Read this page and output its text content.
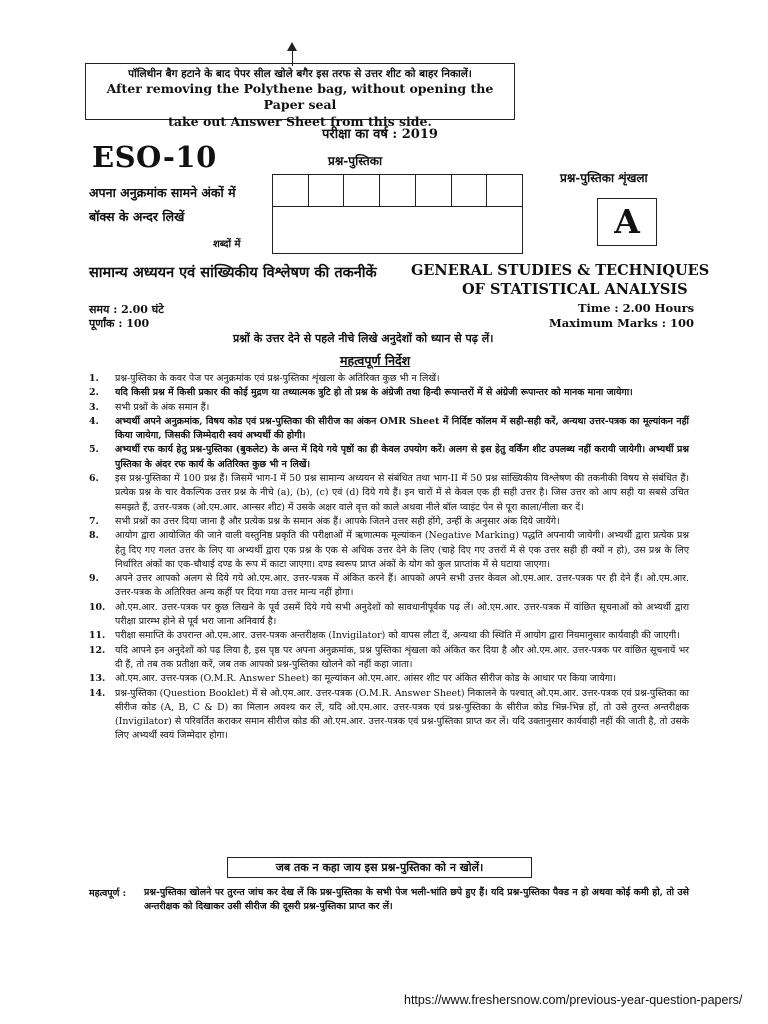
पॉलिथीन बैग हटाने के बाद पेपर सील खोले बगैर इस तरफ से उत्तर शीट को बाहर निकालें।
After removing the Polythene bag, without opening the Paper seal
take out Answer Sheet from this side.
परीक्षा का वर्ष : 2019
ESO-10	प्रश्न-पुस्तिका
प्रश्न-पुस्तिका शृंखला
A
अपना अनुक्रमांक सामने अंकों में
बॉक्स के अन्दर लिखें
शब्दों में
सामान्य अध्ययन एवं सांख्यिकीय विश्लेषण की तकनीकें GENERAL STUDIES & TECHNIQUES
OF STATISTICAL ANALYSIS
समय : 2.00 घंटे
पूर्णांक : 100
Time : 2.00 Hours
Maximum Marks : 100
प्रश्नों के उत्तर देने से पहले नीचे लिखे अनुदेशों को ध्यान से पढ़ लें।
महत्वपूर्ण निर्देश
1.	प्रश्न-पुस्तिका के कवर पेज पर अनुक्रमांक एवं प्रश्न-पुस्तिका शृंखला के अतिरिक्त कुछ भी न लिखें।
2.	यदि किसी प्रश्न में किसी प्रकार की कोई मुद्रण या तथ्यात्मक त्रुटि हो तो प्रश्न के अंग्रेजी तथा हिन्दी रूपान्तरों में से अंग्रेजी रूपान्तर को मानक माना जायेगा।
3.	सभी प्रश्नों के अंक समान हैं।
4.	अभ्यर्थी अपने अनुक्रमांक, विषय कोड एवं प्रश्न-पुस्तिका की सीरीज का अंकन OMR Sheet में निर्दिष्ट कॉलम में सही-सही करें, अन्यथा उत्तर-पत्रक का मूल्यांकन नहीं किया जायेगा, जिसकी जिम्मेदारी स्वयं अभ्यर्थी की होगी।
5.	अभ्यर्थी रफ कार्य हेतु प्रश्न-पुस्तिका (बुकलेट) के अन्त में दिये गये पृष्ठों का ही केवल उपयोग करें। अलग से इस हेतु वर्किंग शीट उपलब्ध नहीं करायी जायेगी। अभ्यर्थी प्रश्न पुस्तिका के अंदर रफ कार्य के अतिरिक्त कुछ भी न लिखें।
6.	इस प्रश्न-पुस्तिका में 100 प्रश्न हैं। जिसमें भाग-I में 50 प्रश्न सामान्य अध्ययन से संबंधित तथा भाग-II में 50 प्रश्न सांख्यिकीय विश्लेषण की तकनीकी विषय से संबंधित हैं। प्रत्येक प्रश्न के चार वैकल्पिक उत्तर प्रश्न के नीचे (a), (b), (c) एवं (d) दिये गये हैं। इन चारों में से केवल एक ही सही उत्तर है। जिस उत्तर को आप सही या सबसे उचित समझते हैं, उत्तर-पत्रक (ओ.एम.आर. आन्सर शीट) में उसके अक्षर वाले वृत्त को काले अथवा नीले बॉल प्वाइंट पेन से पूरा काला/नीला कर दें।
7.	सभी प्रश्नों का उत्तर दिया जाना है और प्रत्येक प्रश्न के समान अंक हैं। आपके जितने उत्तर सही होंगे, उन्हीं के अनुसार अंक दिये जायेंगे।
8.	आयोग द्वारा आयोजित की जाने वाली वस्तुनिष्ठ प्रकृति की परीक्षाओं में ऋणात्मक मूल्यांकन (Negative Marking) पद्धति अपनायी जायेगी। अभ्यर्थी द्वारा प्रत्येक प्रश्न हेतु दिए गए गलत उत्तर के लिए या अभ्यर्थी द्वारा एक प्रश्न के एक से अधिक उत्तर देने के लिए (चाहे दिए गए उत्तरों में से एक उत्तर सही ही क्यों न हो), उस प्रश्न के लिए निर्धारित अंकों का एक-चौथाई दण्ड के रूप में काटा जाएगा। दण्ड स्वरूप प्राप्त अंकों के योग को कुल प्राप्तांक में से घटाया जाएगा।
9.	अपने उत्तर आपको अलग से दिये गये ओ.एम.आर. उत्तर-पत्रक में अंकित करने हैं। आपको अपने सभी उत्तर केवल ओ.एम.आर. उत्तर-पत्रक पर ही देने हैं। ओ.एम.आर. उत्तर-पत्रक के अतिरिक्त अन्य कहीं पर दिया गया उत्तर मान्य नहीं होगा।
10.	ओ.एम.आर. उत्तर-पत्रक पर कुछ लिखने के पूर्व उसमें दिये गये सभी अनुदेशों को सावधानीपूर्वक पढ़ लें। ओ.एम.आर. उत्तर-पत्रक में वांछित सूचनाओं को अभ्यर्थी द्वारा परीक्षा प्रारम्भ होने से पूर्व भरा जाना अनिवार्य है।
11.	परीक्षा समाप्ति के उपरान्त ओ.एम.आर. उत्तर-पत्रक अन्तरीक्षक (Invigilator) को वापस लौटा दें, अन्यथा की स्थिति में आयोग द्वारा नियमानुसार कार्यवाही की जाएगी।
12.	यदि आपने इन अनुदेशों को पढ़ लिया है, इस पृष्ठ पर अपना अनुक्रमांक, प्रश्न पुस्तिका शृंखला को अंकित कर दिया है और ओ.एम.आर. उत्तर-पत्रक पर वांछित सूचनायें भर दी हैं, तो तब तक प्रतीक्षा करें, जब तक आपको प्रश्न-पुस्तिका खोलने को नहीं कहा जाता।
13.	ओ.एम.आर. उत्तर-पत्रक (O.M.R. Answer Sheet) का मूल्यांकन ओ.एम.आर. आंसर शीट पर अंकित सीरीज कोड के आधार पर किया जायेगा।
14.	प्रश्न-पुस्तिका (Question Booklet) में से ओ.एम.आर. उत्तर-पत्रक (O.M.R. Answer Sheet) निकालने के पश्चात् ओ.एम.आर. उत्तर-पत्रक एवं प्रश्न-पुस्तिका का सीरीज कोड (A, B, C & D) का मिलान अवश्य कर लें, यदि ओ.एम.आर. उत्तर-पत्रक एवं प्रश्न-पुस्तिका के सीरीज कोड भिन्न-भिन्न हों, तो उसे तुरन्त अन्तरीक्षक (Invigilator) से परिवर्तित कराकर समान सीरीज कोड की ओ.एम.आर. उत्तर-पत्रक एवं प्रश्न-पुस्तिका प्राप्त कर लें। यदि उक्तानुसार कार्यवाही नहीं की जाती है, तो उसके लिए अभ्यर्थी स्वयं जिम्मेदार होगा।
जब तक न कहा जाय इस प्रश्न-पुस्तिका को न खोलें।
महत्वपूर्ण : प्रश्न-पुस्तिका खोलने पर तुरन्त जांच कर देख लें कि प्रश्न-पुस्तिका के सभी पेज भली-भांति छपे हुए हैं। यदि प्रश्न-पुस्तिका पैक्ड न हो अथवा कोई कमी हो, तो उसे अन्तरीक्षक को दिखाकर उसी सीरीज की दूसरी प्रश्न-पुस्तिका प्राप्त कर लें।
https://www.freshersnow.com/previous-year-question-papers/
